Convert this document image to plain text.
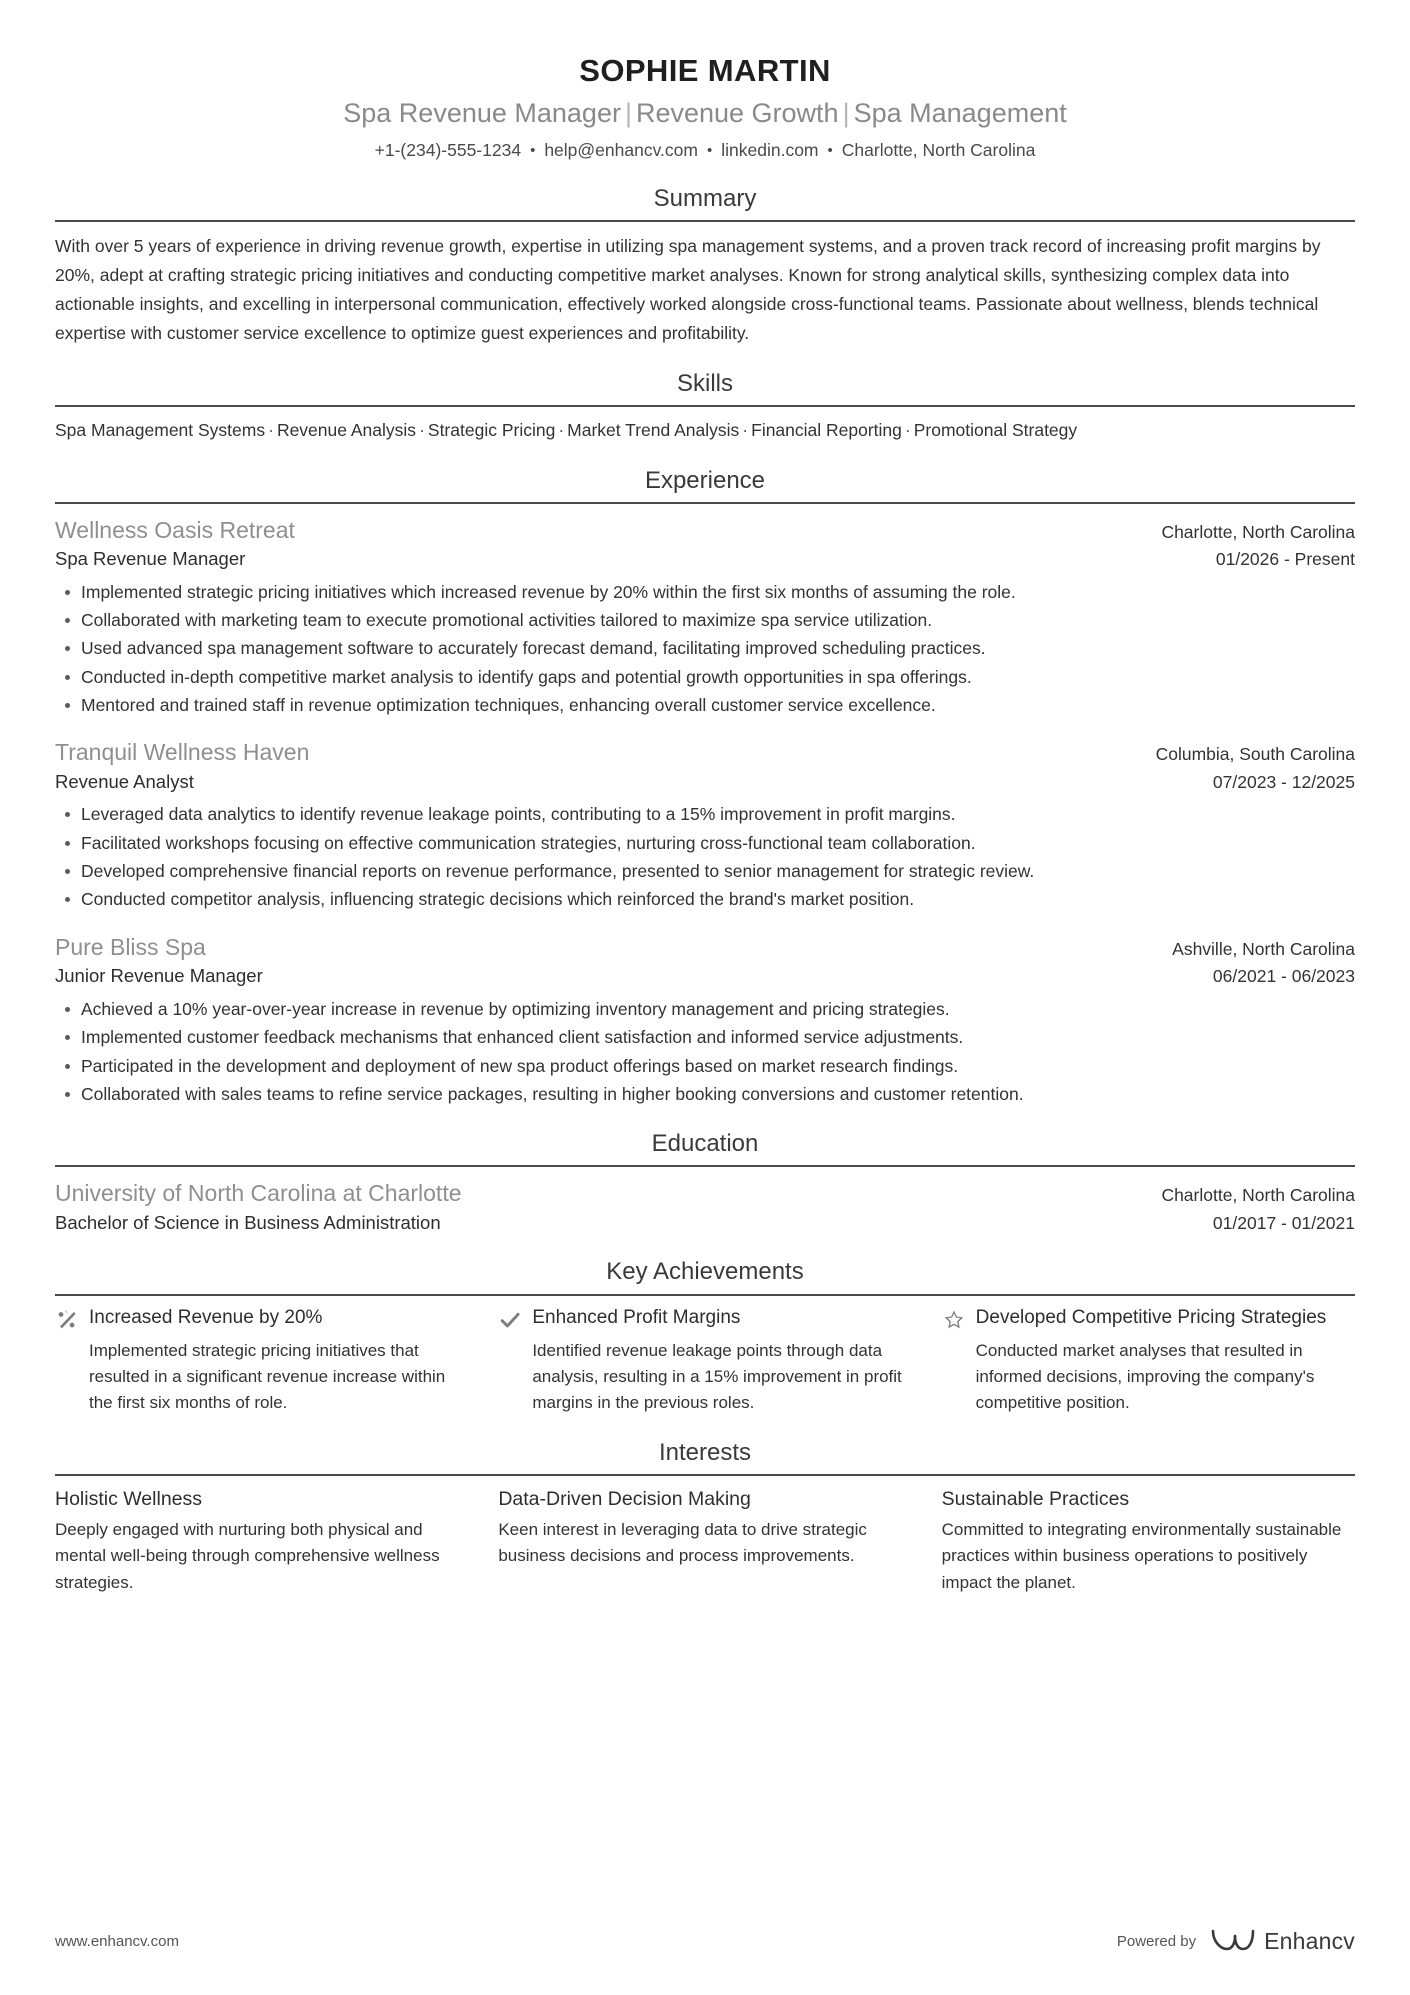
SOPHIE MARTIN
Spa Revenue Manager | Revenue Growth | Spa Management
+1-(234)-555-1234 • help@enhancv.com • linkedin.com • Charlotte, North Carolina
Summary
With over 5 years of experience in driving revenue growth, expertise in utilizing spa management systems, and a proven track record of increasing profit margins by 20%, adept at crafting strategic pricing initiatives and conducting competitive market analyses. Known for strong analytical skills, synthesizing complex data into actionable insights, and excelling in interpersonal communication, effectively worked alongside cross-functional teams. Passionate about wellness, blends technical expertise with customer service excellence to optimize guest experiences and profitability.
Skills
Spa Management Systems · Revenue Analysis · Strategic Pricing · Market Trend Analysis · Financial Reporting · Promotional Strategy
Experience
Wellness Oasis Retreat	Charlotte, North Carolina
Spa Revenue Manager	01/2026 - Present
Implemented strategic pricing initiatives which increased revenue by 20% within the first six months of assuming the role.
Collaborated with marketing team to execute promotional activities tailored to maximize spa service utilization.
Used advanced spa management software to accurately forecast demand, facilitating improved scheduling practices.
Conducted in-depth competitive market analysis to identify gaps and potential growth opportunities in spa offerings.
Mentored and trained staff in revenue optimization techniques, enhancing overall customer service excellence.
Tranquil Wellness Haven	Columbia, South Carolina
Revenue Analyst	07/2023 - 12/2025
Leveraged data analytics to identify revenue leakage points, contributing to a 15% improvement in profit margins.
Facilitated workshops focusing on effective communication strategies, nurturing cross-functional team collaboration.
Developed comprehensive financial reports on revenue performance, presented to senior management for strategic review.
Conducted competitor analysis, influencing strategic decisions which reinforced the brand's market position.
Pure Bliss Spa	Ashville, North Carolina
Junior Revenue Manager	06/2021 - 06/2023
Achieved a 10% year-over-year increase in revenue by optimizing inventory management and pricing strategies.
Implemented customer feedback mechanisms that enhanced client satisfaction and informed service adjustments.
Participated in the development and deployment of new spa product offerings based on market research findings.
Collaborated with sales teams to refine service packages, resulting in higher booking conversions and customer retention.
Education
University of North Carolina at Charlotte	Charlotte, North Carolina
Bachelor of Science in Business Administration	01/2017 - 01/2021
Key Achievements
Increased Revenue by 20%
Implemented strategic pricing initiatives that resulted in a significant revenue increase within the first six months of role.
Enhanced Profit Margins
Identified revenue leakage points through data analysis, resulting in a 15% improvement in profit margins in the previous roles.
Developed Competitive Pricing Strategies
Conducted market analyses that resulted in informed decisions, improving the company's competitive position.
Interests
Holistic Wellness
Deeply engaged with nurturing both physical and mental well-being through comprehensive wellness strategies.
Data-Driven Decision Making
Keen interest in leveraging data to drive strategic business decisions and process improvements.
Sustainable Practices
Committed to integrating environmentally sustainable practices within business operations to positively impact the planet.
www.enhancv.com	Powered by	Enhancv
